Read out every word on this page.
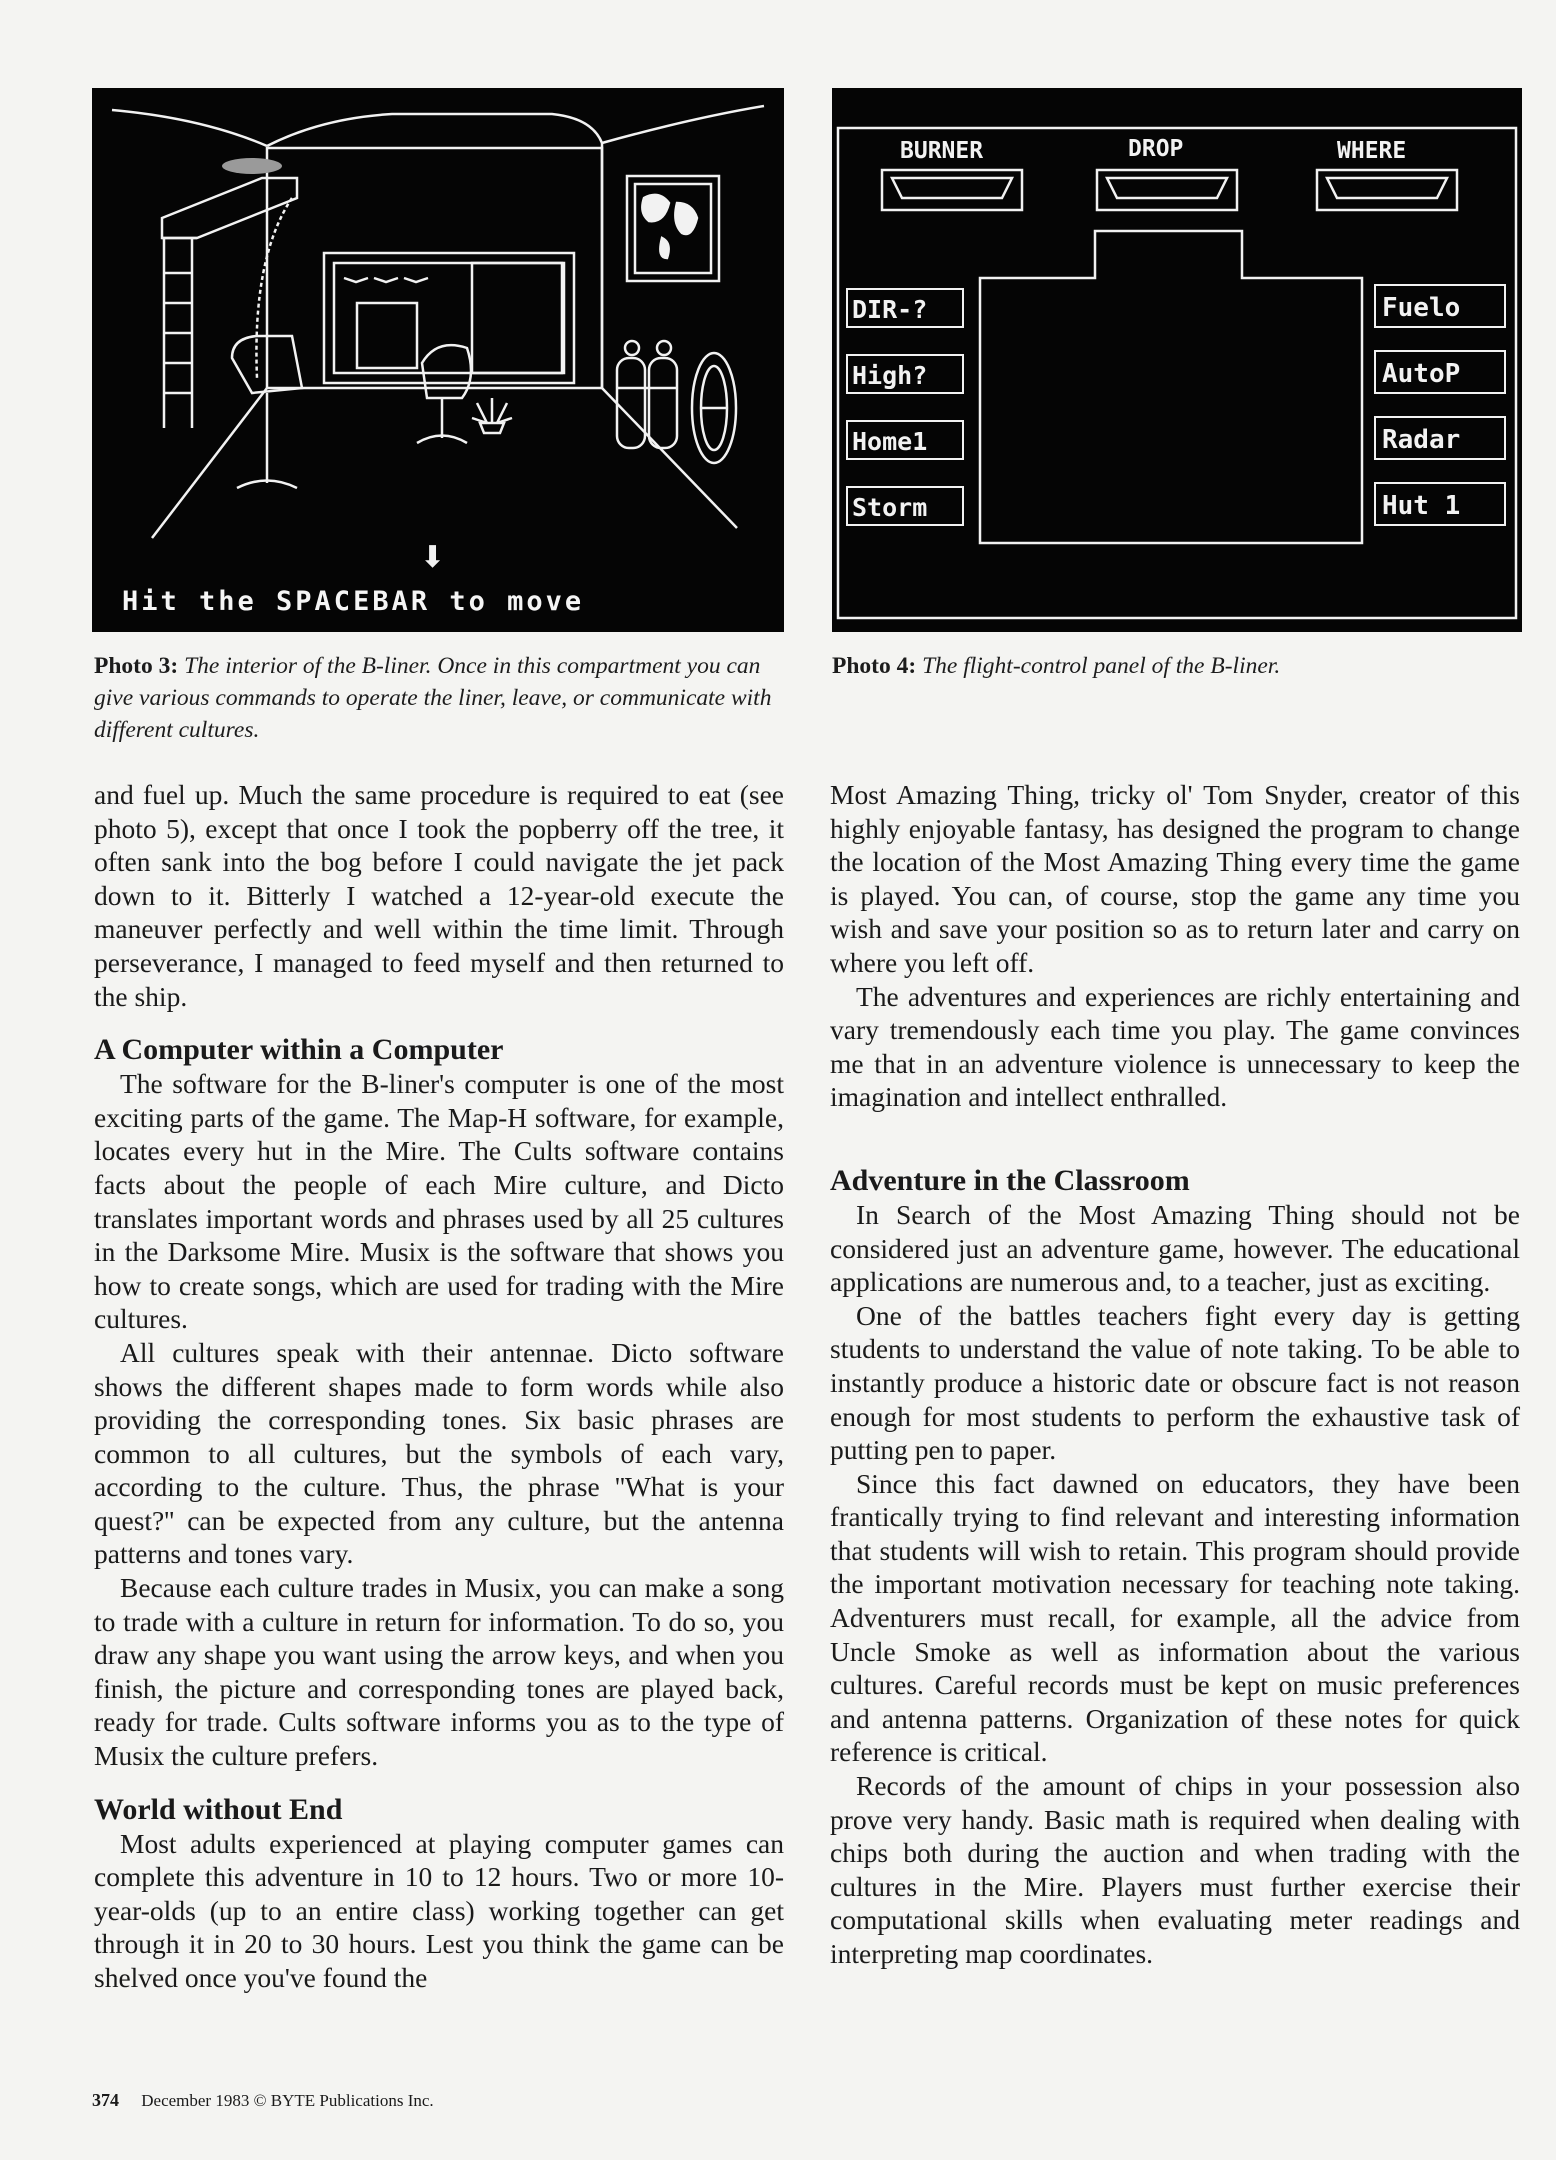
⬇
Hit the SPACEBAR to move
BURNER	DROP	WHERE
DIR-?
High?
Home1
Storm
Fuelo
AutoP
Radar
Hut 1
Photo 3: The interior of the B-liner. Once in this compartment you can give various commands to operate the liner, leave, or communicate with different cultures.
Photo 4: The flight-control panel of the B-liner.

and fuel up. Much the same procedure is required to eat (see photo 5), except that once I took the popberry off the tree, it often sank into the bog before I could navigate the jet pack down to it. Bitterly I watched a 12-year-old execute the maneuver perfectly and well within the time limit. Through perseverance, I managed to feed myself and then returned to the ship.

A Computer within a Computer

The software for the B-liner's computer is one of the most exciting parts of the game. The Map-H software, for example, locates every hut in the Mire. The Cults software contains facts about the people of each Mire culture, and Dicto translates important words and phrases used by all 25 cultures in the Darksome Mire. Musix is the software that shows you how to create songs, which are used for trading with the Mire cultures.

All cultures speak with their antennae. Dicto software shows the different shapes made to form words while also providing the corresponding tones. Six basic phrases are common to all cultures, but the symbols of each vary, according to the culture. Thus, the phrase ''What is your quest?'' can be expected from any culture, but the antenna patterns and tones vary.

Because each culture trades in Musix, you can make a song to trade with a culture in return for information. To do so, you draw any shape you want using the arrow keys, and when you finish, the picture and corresponding tones are played back, ready for trade. Cults software informs you as to the type of Musix the culture prefers.

World without End

Most adults experienced at playing computer games can complete this adventure in 10 to 12 hours. Two or more 10-year-olds (up to an entire class) working together can get through it in 20 to 30 hours. Lest you think the game can be shelved once you've found the

Most Amazing Thing, tricky ol' Tom Snyder, creator of this highly enjoyable fantasy, has designed the program to change the location of the Most Amazing Thing every time the game is played. You can, of course, stop the game any time you wish and save your position so as to return later and carry on where you left off.

The adventures and experiences are richly entertaining and vary tremendously each time you play. The game convinces me that in an adventure violence is unnecessary to keep the imagination and intellect enthralled.

Adventure in the Classroom

In Search of the Most Amazing Thing should not be considered just an adventure game, however. The educational applications are numerous and, to a teacher, just as exciting.

One of the battles teachers fight every day is getting students to understand the value of note taking. To be able to instantly produce a historic date or obscure fact is not reason enough for most students to perform the exhaustive task of putting pen to paper.

Since this fact dawned on educators, they have been frantically trying to find relevant and interesting information that students will wish to retain. This program should provide the important motivation necessary for teaching note taking. Adventurers must recall, for example, all the advice from Uncle Smoke as well as information about the various cultures. Careful records must be kept on music preferences and antenna patterns. Organization of these notes for quick reference is critical.

Records of the amount of chips in your possession also prove very handy. Basic math is required when dealing with chips both during the auction and when trading with the cultures in the Mire. Players must further exercise their computational skills when evaluating meter readings and interpreting map coordinates.

374 December 1983 © BYTE Publications Inc.
